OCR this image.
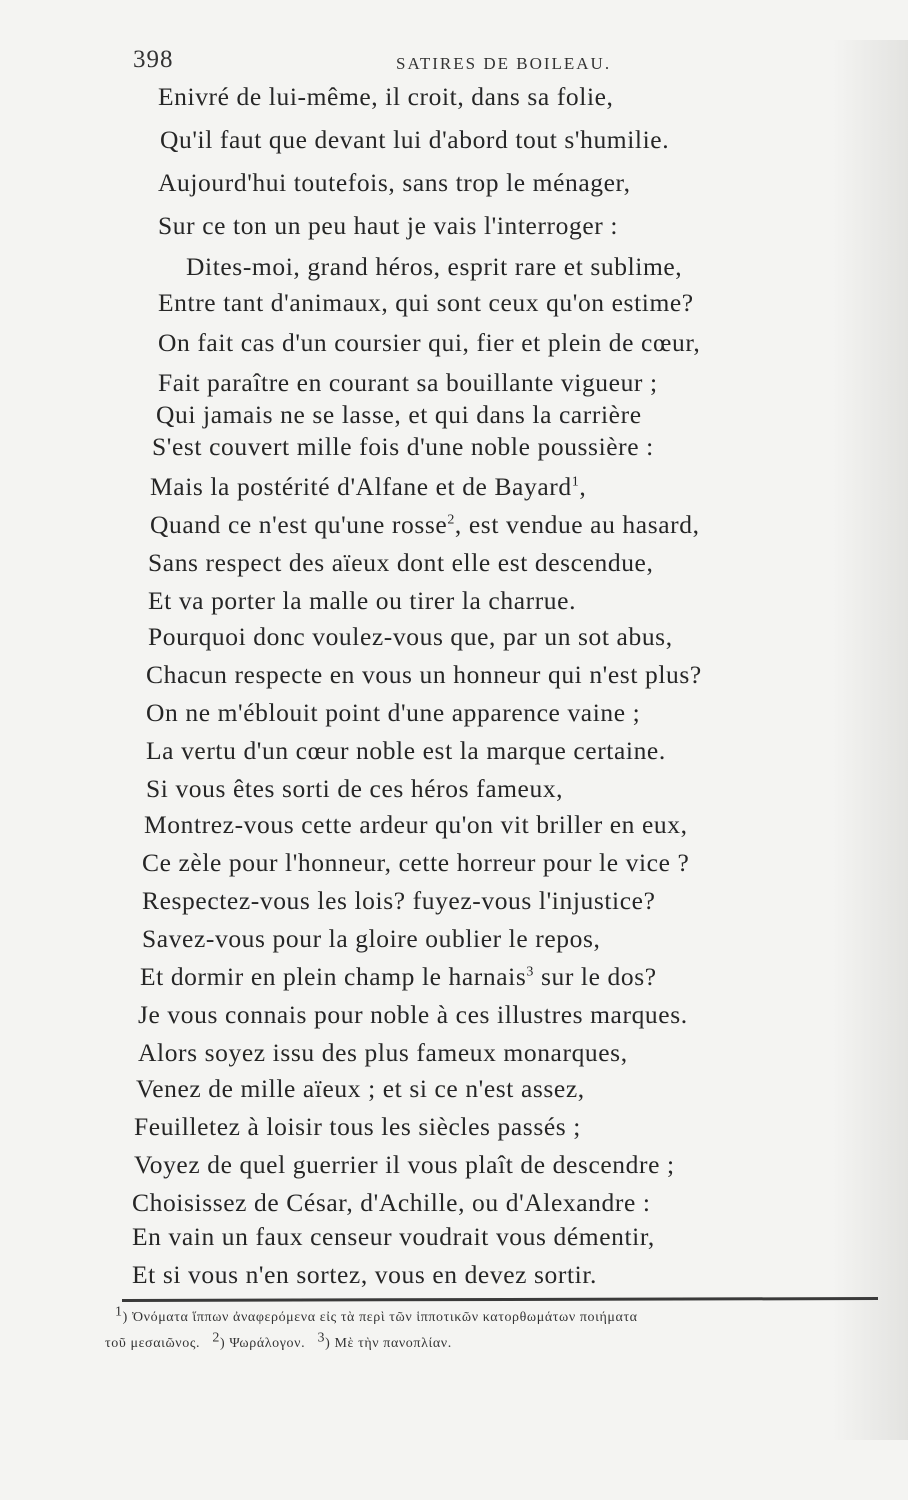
398	SATIRES DE BOILEAU.
Enivré de lui-même, il croit, dans sa folie,
Qu'il faut que devant lui d'abord tout s'humilie.
Aujourd'hui toutefois, sans trop le ménager,
Sur ce ton un peu haut je vais l'interroger :
Dites-moi, grand héros, esprit rare et sublime,
Entre tant d'animaux, qui sont ceux qu'on estime?
On fait cas d'un coursier qui, fier et plein de cœur,
Fait paraître en courant sa bouillante vigueur ;
Qui jamais ne se lasse, et qui dans la carrière
S'est couvert mille fois d'une noble poussière :
Mais la postérité d'Alfane et de Bayard$^1$,
Quand ce n'est qu'une rosse$^2$, est vendue au hasard,
Sans respect des aïeux dont elle est descendue,
Et va porter la malle ou tirer la charrue.
Pourquoi donc voulez-vous que, par un sot abus,
Chacun respecte en vous un honneur qui n'est plus?
On ne m'éblouit point d'une apparence vaine ;
La vertu d'un cœur noble est la marque certaine.
Si vous êtes sorti de ces héros fameux,
Montrez-vous cette ardeur qu'on vit briller en eux,
Ce zèle pour l'honneur, cette horreur pour le vice ?
Respectez-vous les lois? fuyez-vous l'injustice?
Savez-vous pour la gloire oublier le repos,
Et dormir en plein champ le harnais$^3$ sur le dos?
Je vous connais pour noble à ces illustres marques.
Alors soyez issu des plus fameux monarques,
Venez de mille aïeux ; et si ce n'est assez,
Feuilletez à loisir tous les siècles passés ;
Voyez de quel guerrier il vous plaît de descendre ;
Choisissez de César, d'Achille, ou d'Alexandre :
En vain un faux censeur voudrait vous démentir,
Et si vous n'en sortez, vous en devez sortir.
$^1$) Ὀνόματα ἵππων ἀναφερόμενα εἰς τὰ περὶ τῶν ἱπποτικῶν κατορθωμάτων ποιήματα
τοῦ μεσαιῶνος. $^2$) Ψωράλογον. $^3$) Μὲ τὴν πανοπλίαν.
